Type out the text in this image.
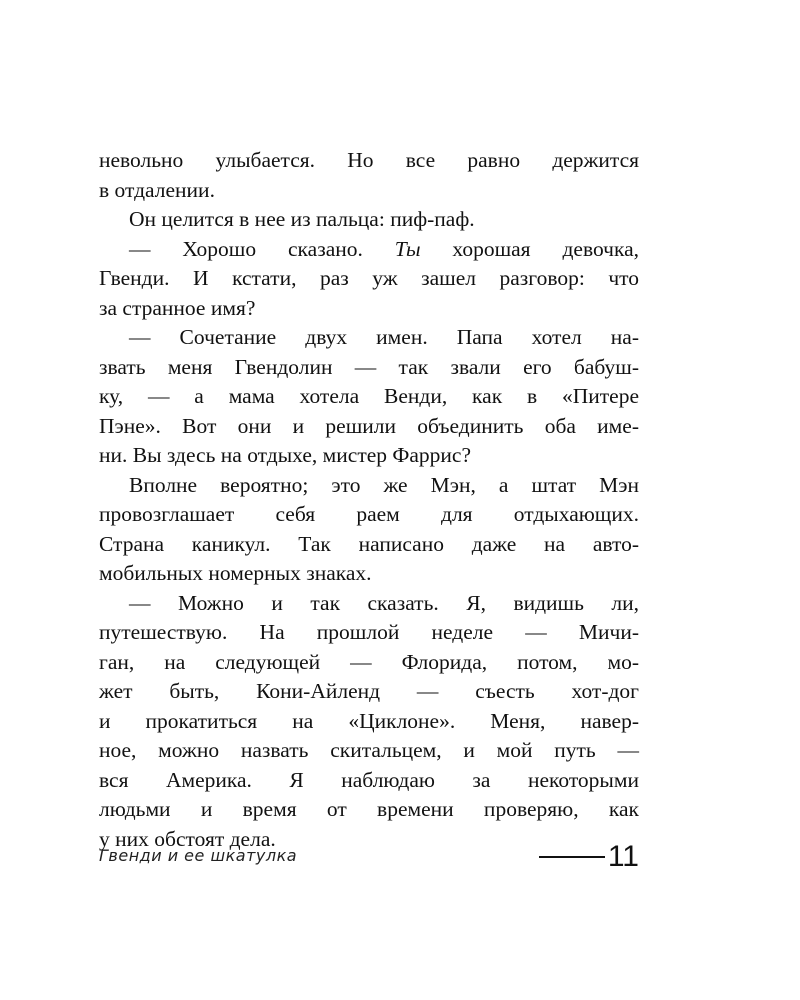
невольно улыбается. Но все равно держится
в отдалении.
Он целится в нее из пальца: пиф-паф.
— Хорошо сказано. Ты хорошая девочка,
Гвенди. И кстати, раз уж зашел разговор: что
за странное имя?
— Сочетание двух имен. Папа хотел на-
звать меня Гвендолин — так звали его бабуш-
ку, — а мама хотела Венди, как в «Питере
Пэне». Вот они и решили объединить оба име-
ни. Вы здесь на отдыхе, мистер Фаррис?
Вполне вероятно; это же Мэн, а штат Мэн
провозглашает себя раем для отдыхающих.
Страна каникул. Так написано даже на авто-
мобильных номерных знаках.
— Можно и так сказать. Я, видишь ли,
путешествую. На прошлой неделе — Мичи-
ган, на следующей — Флорида, потом, мо-
жет быть, Кони-Айленд — съесть хот-дог
и прокатиться на «Циклоне». Меня, навер-
ное, можно назвать скитальцем, и мой путь —
вся Америка. Я наблюдаю за некоторыми
людьми и время от времени проверяю, как
у них обстоят дела.
Гвенди и ее шкатулка	11
